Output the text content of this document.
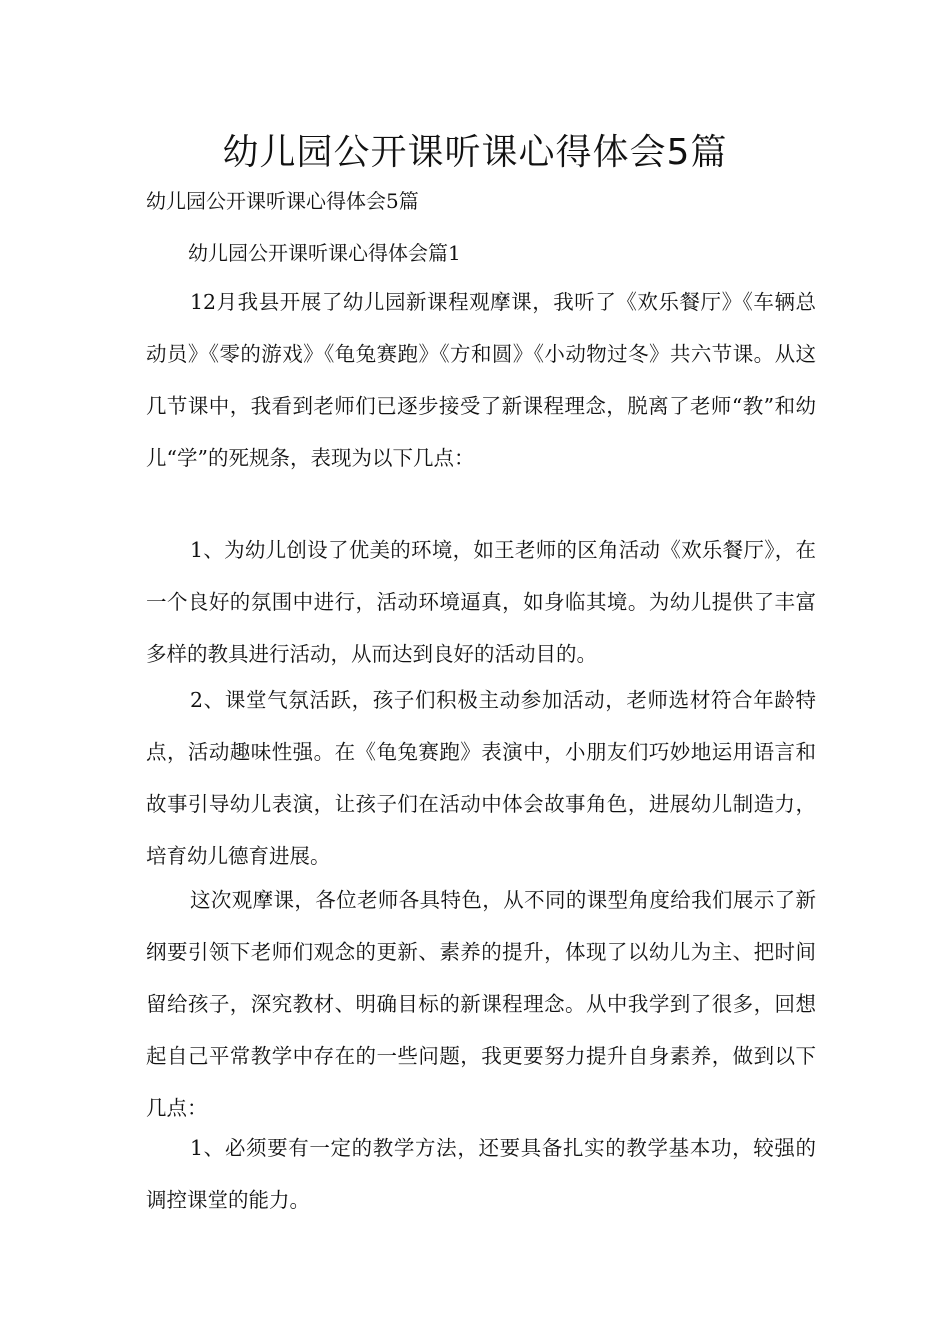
幼儿园公开课听课心得体会5篇

幼儿园公开课听课心得体会5篇

幼儿园公开课听课心得体会篇1

12月我县开展了幼儿园新课程观摩课，我听了《欢乐餐厅》《车辆总动员》《零的游戏》《龟兔赛跑》《方和圆》《小动物过冬》共六节课。从这几节课中，我看到老师们已逐步接受了新课程理念，脱离了老师“教”和幼儿“学”的死规条，表现为以下几点：

1、为幼儿创设了优美的环境，如王老师的区角活动《欢乐餐厅》，在一个良好的氛围中进行，活动环境逼真，如身临其境。为幼儿提供了丰富多样的教具进行活动，从而达到良好的活动目的。

2、课堂气氛活跃，孩子们积极主动参加活动，老师选材符合年龄特点，活动趣味性强。在《龟兔赛跑》表演中，小朋友们巧妙地运用语言和故事引导幼儿表演，让孩子们在活动中体会故事角色，进展幼儿制造力，培育幼儿德育进展。

这次观摩课，各位老师各具特色，从不同的课型角度给我们展示了新纲要引领下老师们观念的更新、素养的提升，体现了以幼儿为主、把时间留给孩子，深究教材、明确目标的新课程理念。从中我学到了很多，回想起自己平常教学中存在的一些问题，我更要努力提升自身素养，做到以下几点：

1、必须要有一定的教学方法，还要具备扎实的教学基本功，较强的调控课堂的能力。
